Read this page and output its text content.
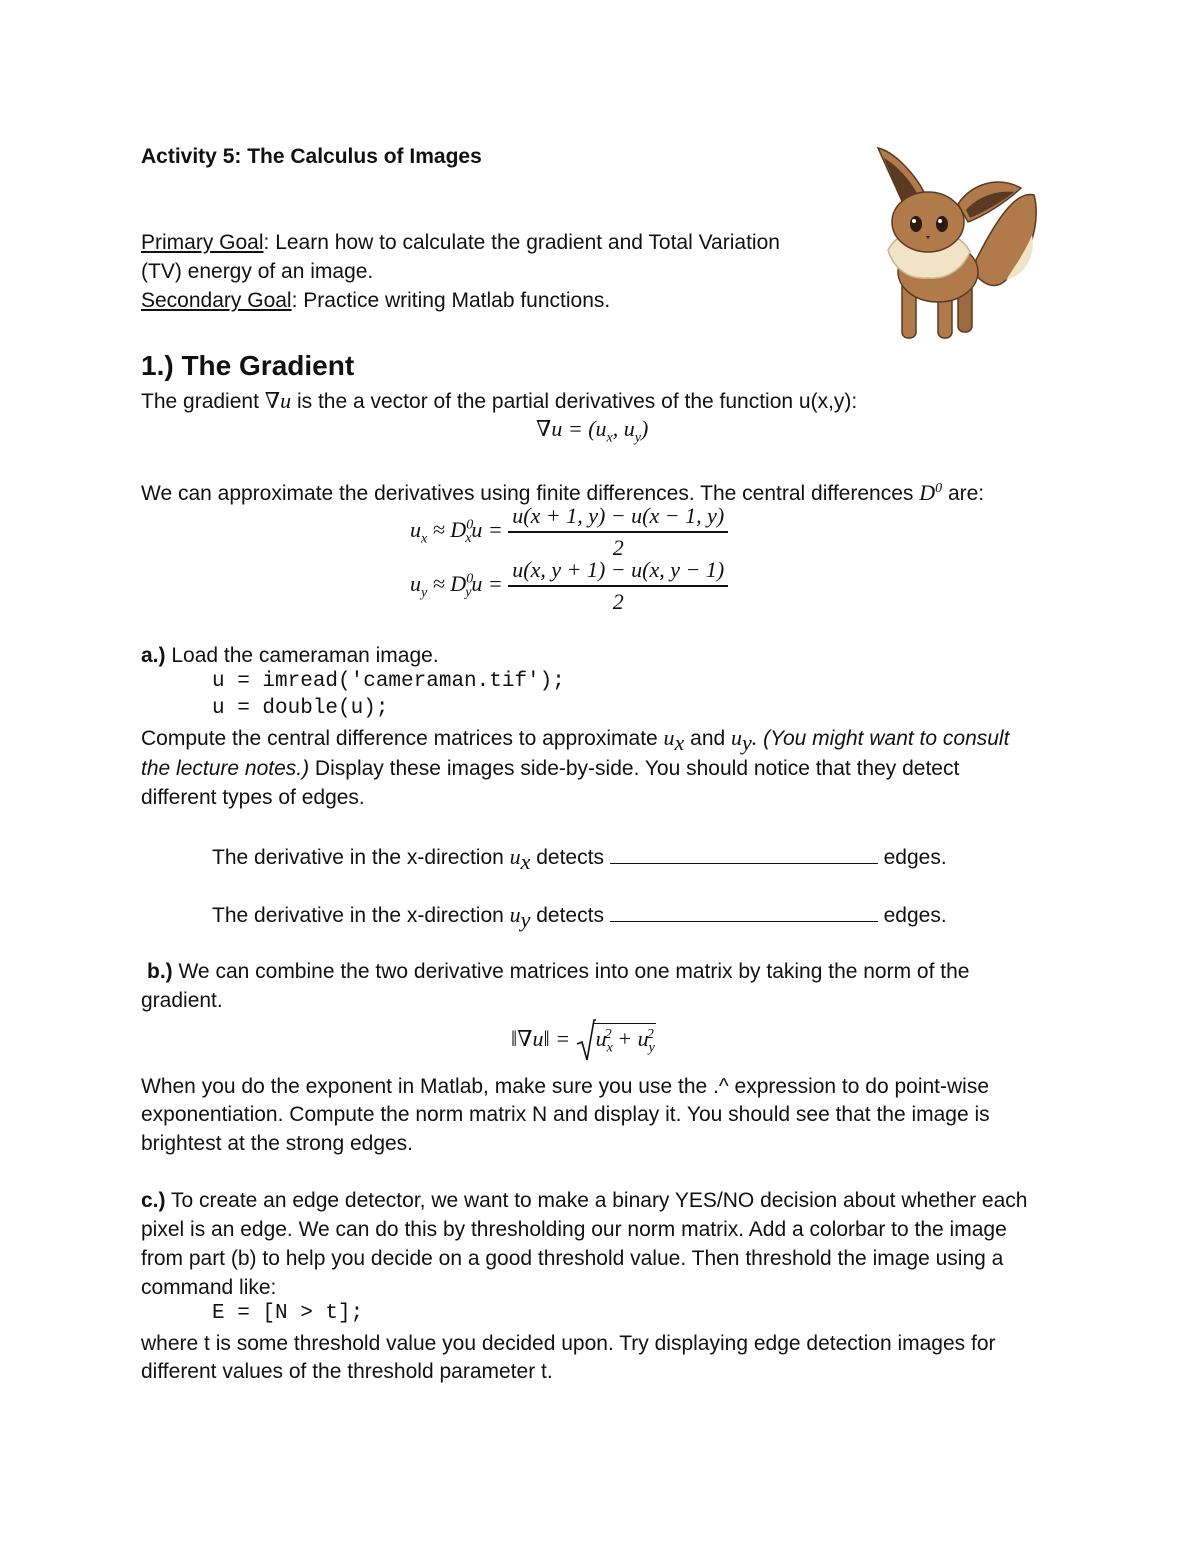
Activity 5: The Calculus of Images
Primary Goal: Learn how to calculate the gradient and Total Variation
(TV) energy of an image.
Secondary Goal: Practice writing Matlab functions.
1.) The Gradient
The gradient ∇u is the a vector of the partial derivatives of the function u(x,y):
$\nabla u = (u_x$, $u_y$)
We can approximate the derivatives using finite differences. The central differences $D^0$ are:
$u_x \approx D^0_xu = \frac{u(x + 1, y) - u(x - 1, y)}{2}$
$u_y \approx D^0_yu = \frac{u(x, y + 1) - u(x, y - 1)}{2}$
a.) Load the cameraman image.
u = imread('cameraman.tif');
u = double(u);
Compute the central difference matrices to approximate $u_x$ and $u_y$. (You might want to consult
the lecture notes.) Display these images side-by-side. You should notice that they detect
different types of edges.
The derivative in the x-direction $u_x$ detects	edges.
The derivative in the x-direction $u_y$ detects	edges.
b.) We can combine the two derivative matrices into one matrix by taking the norm of the
gradient.
‖∇u‖ = $u_x^2 + u_y^2$
When you do the exponent in Matlab, make sure you use the .^ expression to do point-wise
exponentiation. Compute the norm matrix N and display it. You should see that the image is
brightest at the strong edges.
c.) To create an edge detector, we want to make a binary YES/NO decision about whether each
pixel is an edge. We can do this by thresholding our norm matrix. Add a colorbar to the image
from part (b) to help you decide on a good threshold value. Then threshold the image using a
command like:
E = [N > t];
where t is some threshold value you decided upon. Try displaying edge detection images for
different values of the threshold parameter t.
